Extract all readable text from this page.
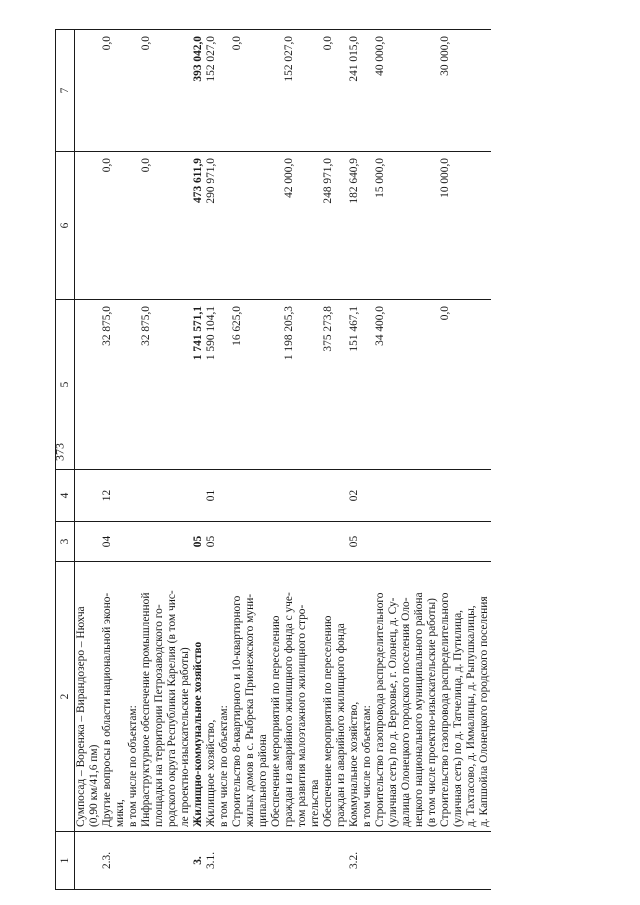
373
1	2	3	4	5	6	7

	Сумпосад – Воренжа – Вирандозеро – Нюхча (0,90 км/41,6 пм)					

2.3.	Другие вопросы в области национальной эконо- мики,	04	12	32 875,0	0,0	0,0

	в том числе по объектам:					

	Инфраструктурное обеспечение промышленной площадки на территории Петрозаводского го- родского округа Республики Карелия (в том чис- ле проектно-изыскательские работы)			32 875,0	0,0	0,0

3.	Жилищно-коммунальное хозяйство	05		1 741 571,1	473 611,9	393 042,0

3.1.	Жилищное хозяйство,	05	01	1 590 104,1	290 971,0	152 027,0

	в том числе по объектам:					

	Строительство 8-квартирного и 10-квартирного жилых домов в с. Рыбрека Прионежского муни- ципального района			16 625,0		0,0

	Обеспечение мероприятий по переселению граждан из аварийного жилищного фонда с уче- том развития малоэтажного жилищного стро- ительства			1 198 205,3	42 000,0	152 027,0

	Обеспечение мероприятий по переселению граждан из аварийного жилищного фонда			375 273,8	248 971,0	0,0

3.2.	Коммунальное хозяйство,	05	02	151 467,1	182 640,9	241 015,0

	в том числе по объектам:					

	Строительство газопровода распределительного (уличная сеть) по д. Верховье, г. Олонец, д. Су- далица Олонецкого городского поселения Оло- нецкого национального муниципального района (в том числе проектно-изыскательские работы)			34 400,0	15 000,0	40 000,0

	Строительство газопровода распределительного (уличная сеть) по д. Татчелица, д. Путилица, д. Тахтасово, д. Иммалицы, д. Рыпушкалицы, д. Капшойла Олонецкого городского поселения			0,0	10 000,0	30 000,0
